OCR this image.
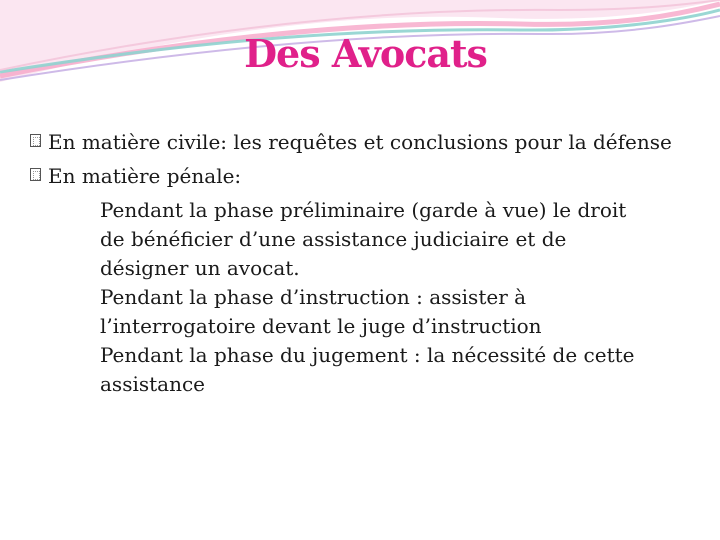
Des Avocats
En matière civile: les requêtes et conclusions pour la défense
En matière pénale:

Pendant la phase préliminaire (garde à vue) le droit de bénéficier d’une assistance judiciaire et de désigner un avocat.

Pendant la phase d’instruction : assister à l’interrogatoire devant le juge d’instruction

Pendant la phase du jugement : la nécessité de cette assistance
